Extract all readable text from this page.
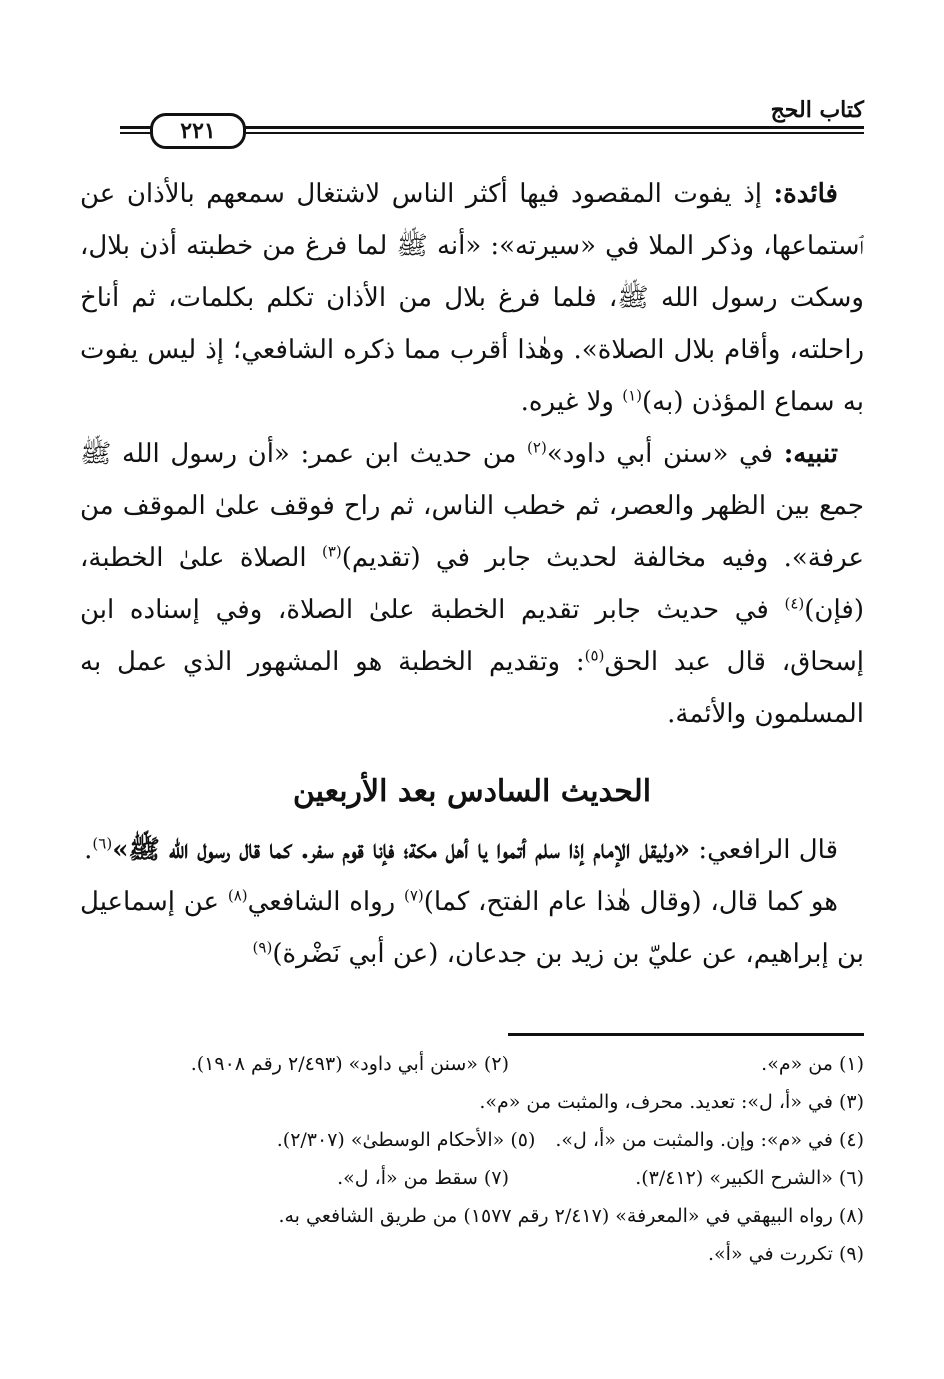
كتاب الحج
٢٢١

فائدة: إذ يفوت المقصود فيها أكثر الناس لاشتغال سمعهم بالأذان عن ٱستماعها، وذكر الملا في «سيرته»: «أنه ﷺ لما فرغ من خطبته أذن بلال، وسكت رسول الله ﷺ، فلما فرغ بلال من الأذان تكلم بكلمات، ثم أناخ راحلته، وأقام بلال الصلاة». وهٰذا أقرب مما ذكره الشافعي؛ إذ ليس يفوت به سماع المؤذن (به)$^{(١)}$ ولا غيره.

تنبيه: في «سنن أبي داود»$^{(٢)}$ من حديث ابن عمر: «أن رسول الله ﷺ جمع بين الظهر والعصر، ثم خطب الناس، ثم راح فوقف علىٰ الموقف من عرفة». وفيه مخالفة لحديث جابر في (تقديم)$^{(٣)}$ الصلاة علىٰ الخطبة، (فإن)$^{(٤)}$ في حديث جابر تقديم الخطبة علىٰ الصلاة، وفي إسناده ابن إسحاق، قال عبد الحق$^{(٥)}$: وتقديم الخطبة هو المشهور الذي عمل به المسلمون والأئمة.

الحديث السادس بعد الأربعين

قال الرافعي: «وليقل الإمام إذا سلم أتموا يا أهل مكة؛ فإنا قوم سفر. كما قال رسول الله ﷺ»$^{(٦)}$.

هو كما قال، (وقال هٰذا عام الفتح، كما)$^{(٧)}$ رواه الشافعي$^{(٨)}$ عن إسماعيل بن إبراهيم، عن عليّ بن زيد بن جدعان، (عن أبي نَضْرة)$^{(٩)}$

(١) من «م».
(٢) «سنن أبي داود» (٢/٤٩٣ رقم ١٩٠٨).
(٣) في «أ، ل»: تعديد. محرف، والمثبت من «م».
(٤) في «م»: وإن. والمثبت من «أ، ل».
(٥) «الأحكام الوسطىٰ» (٢/٣٠٧).
(٦) «الشرح الكبير» (٣/٤١٢).
(٧) سقط من «أ، ل».
(٨) رواه البيهقي في «المعرفة» (٢/٤١٧ رقم ١٥٧٧) من طريق الشافعي به.
(٩) تكررت في «أ».
